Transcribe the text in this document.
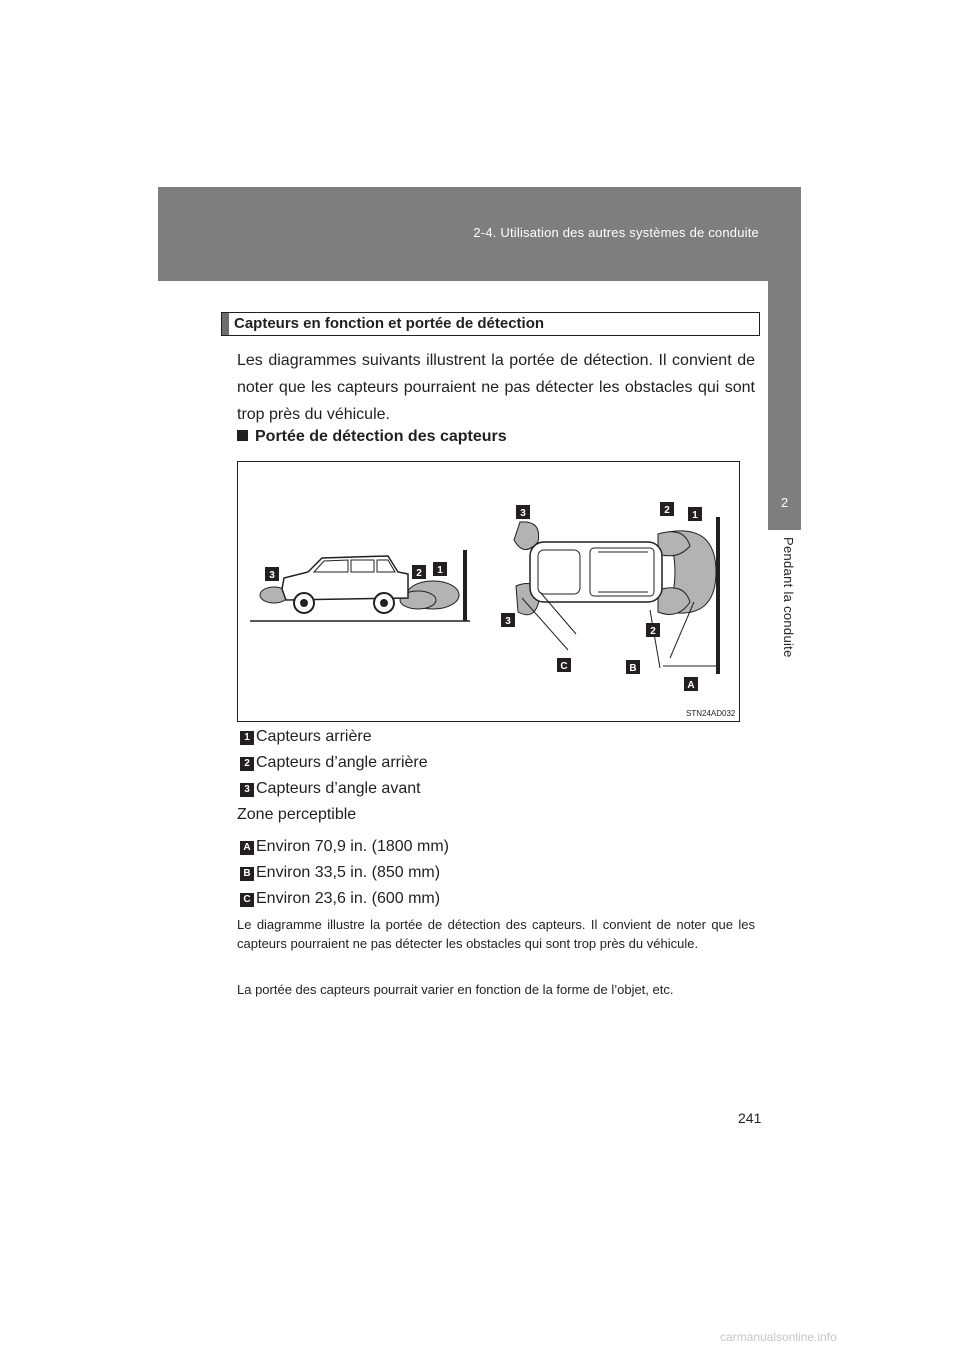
2-4. Utilisation des autres systèmes de conduite
2
Pendant la conduite
Capteurs en fonction et portée de détection

Les diagrammes suivants illustrent la portée de détection. Il convient de noter que les capteurs pourraient ne pas détecter les obstacles qui sont trop près du véhicule.

Portée de détection des capteurs
3	2 1
3	2 1
3
2
C	B
A
STN24AD032
1 Capteurs arrière
2 Capteurs d’angle arrière
3 Capteurs d’angle avant
Zone perceptible
A Environ 70,9 in. (1800 mm)
B Environ 33,5 in. (850 mm)
C Environ 23,6 in. (600 mm)

Le diagramme illustre la portée de détection des capteurs. Il convient de noter que les capteurs pourraient ne pas détecter les obstacles qui sont trop près du véhicule.

La portée des capteurs pourrait varier en fonction de la forme de l’objet, etc.

241
carmanualsonline.info
